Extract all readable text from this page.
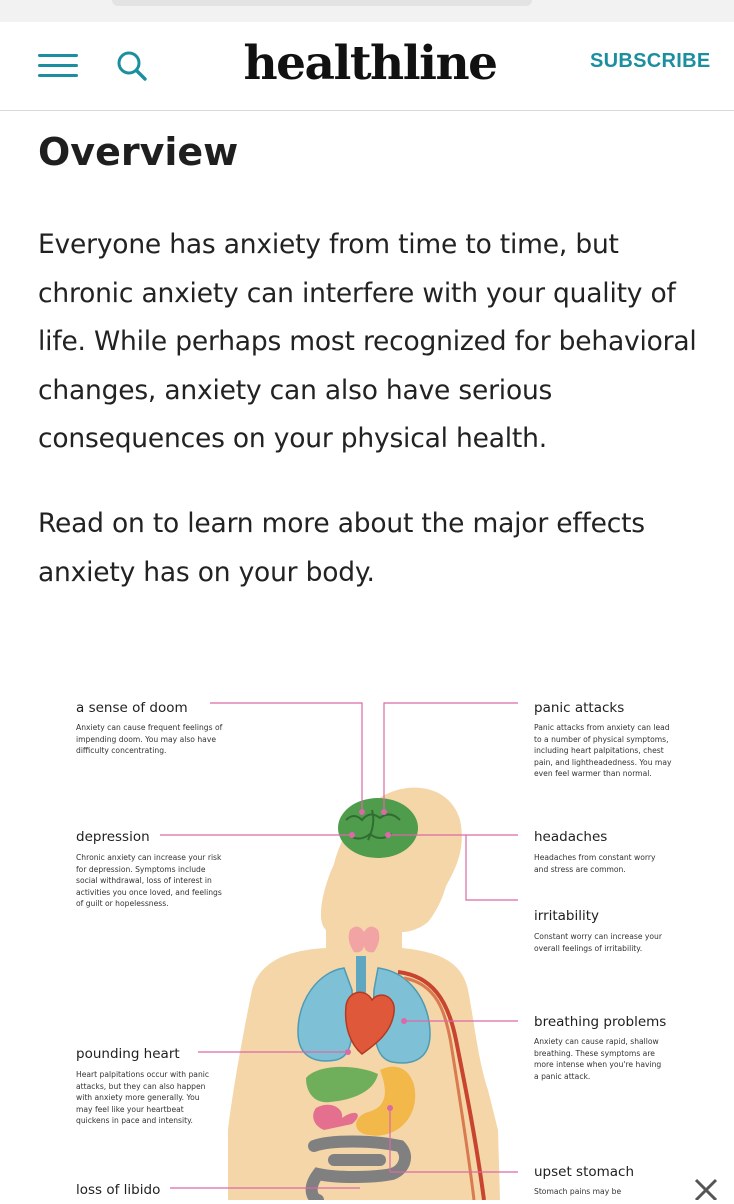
healthline	SUBSCRIBE
Overview

Everyone has anxiety from time to time, but chronic anxiety can interfere with your quality of life. While perhaps most recognized for behavioral changes, anxiety can also have serious consequences on your physical health.

Read on to learn more about the major effects anxiety has on your body.

a sense of doom
Anxiety can cause frequent feelings of
impending doom. You may also have
difficulty concentrating.
depression
Chronic anxiety can increase your risk
for depression. Symptoms include
social withdrawal, loss of interest in
activities you once loved, and feelings
of guilt or hopelessness.
pounding heart
Heart palpitations occur with panic
attacks, but they can also happen
with anxiety more generally. You
may feel like your heartbeat
quickens in pace and intensity.
loss of libido
panic attacks
Panic attacks from anxiety can lead
to a number of physical symptoms,
including heart palpitations, chest
pain, and lightheadedness. You may
even feel warmer than normal.
headaches
Headaches from constant worry
and stress are common.
irritability
Constant worry can increase your
overall feelings of irritability.
breathing problems
Anxiety can cause rapid, shallow
breathing. These symptoms are
more intense when you're having
a panic attack.
upset stomach
Stomach pains may be
